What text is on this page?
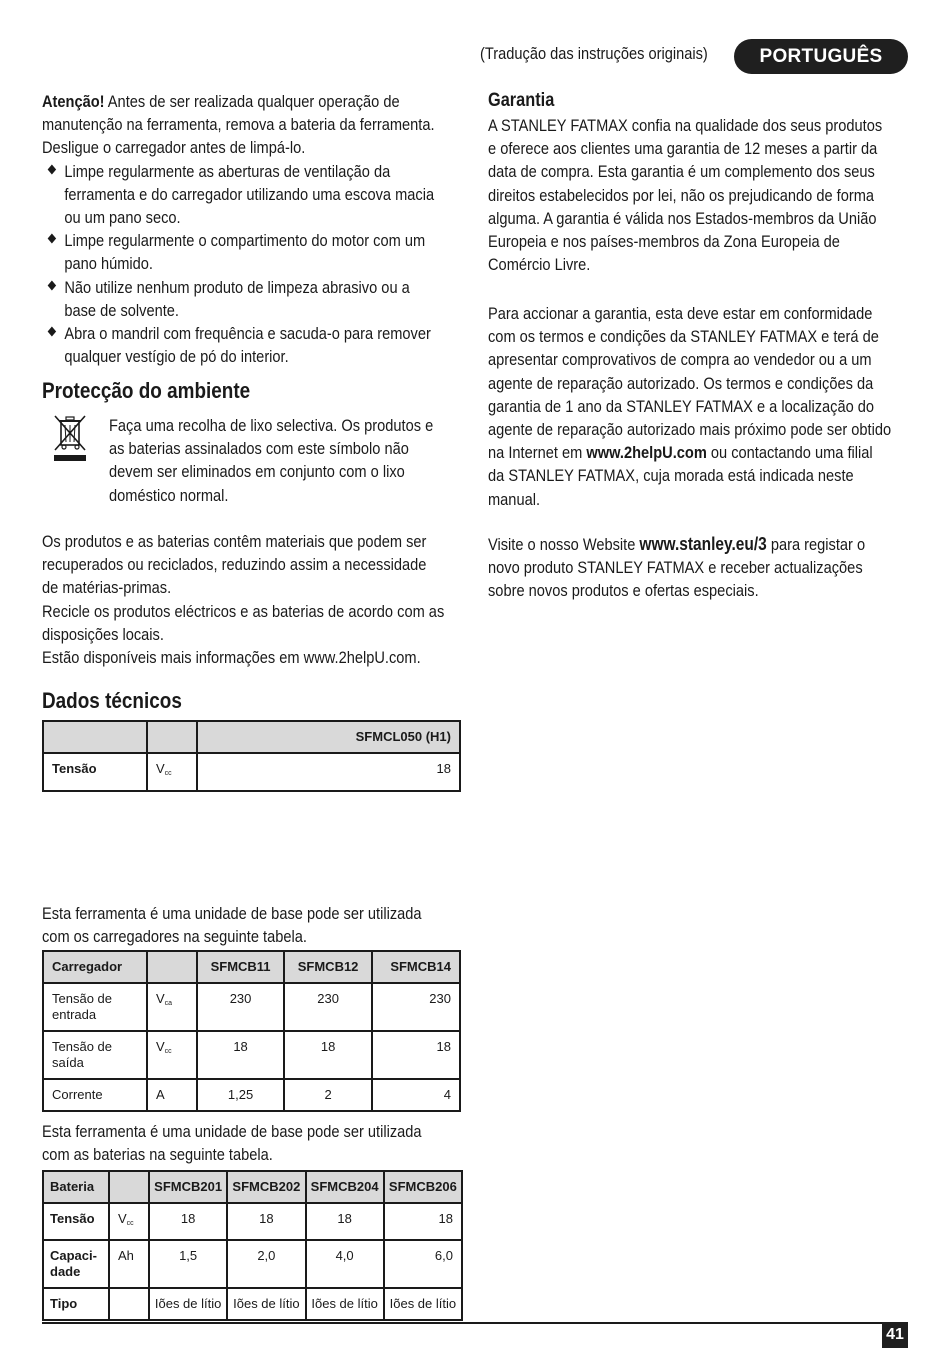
(Tradução das instruções originais)	PORTUGUÊS

Atenção! Antes de ser realizada qualquer operação de

manutenção na ferramenta, remova a bateria da ferramenta.

Desligue o carregador antes de limpá-lo.

Limpe regularmente as aberturas de ventilação da

ferramenta e do carregador utilizando uma escova macia

ou um pano seco.

Limpe regularmente o compartimento do motor com um

pano húmido.

Não utilize nenhum produto de limpeza abrasivo ou a

base de solvente.

Abra o mandril com frequência e sacuda-o para remover

qualquer vestígio de pó do interior.

Protecção do ambiente

Faça uma recolha de lixo selectiva. Os produtos e

as baterias assinalados com este símbolo não

devem ser eliminados em conjunto com o lixo

doméstico normal.

Os produtos e as baterias contêm materiais que podem ser

recuperados ou reciclados, reduzindo assim a necessidade

de matérias-primas.

Recicle os produtos eléctricos e as baterias de acordo com as

disposições locais.

Estão disponíveis mais informações em www.2helpU.com.

Dados técnicos
		SFMCL050 (H1)
Tensão	$V_{cc}$	18

Esta ferramenta é uma unidade de base pode ser utilizada

com os carregadores na seguinte tabela.

Carregador		SFMCB11	SFMCB12	SFMCB14
Tensão de entrada	$V_{ca}$	230	230	230
Tensão de saída	$V_{cc}$	18	18	18
Corrente	A	1,25	2	4

Esta ferramenta é uma unidade de base pode ser utilizada

com as baterias na seguinte tabela.

Bateria		SFMCB201	SFMCB202	SFMCB204	SFMCB206
Tensão	$V_{cc}$	18	18	18	18
Capaci-dade	Ah	1,5	2,0	4,0	6,0
Tipo		Iões de lítio	Iões de lítio	Iões de lítio	Iões de lítio
Garantia

A STANLEY FATMAX confia na qualidade dos seus produtos

e oferece aos clientes uma garantia de 12 meses a partir da

data de compra. Esta garantia é um complemento dos seus

direitos estabelecidos por lei, não os prejudicando de forma

alguma. A garantia é válida nos Estados-membros da União

Europeia e nos países-membros da Zona Europeia de

Comércio Livre.

Para accionar a garantia, esta deve estar em conformidade

com os termos e condições da STANLEY FATMAX e terá de

apresentar comprovativos de compra ao vendedor ou a um

agente de reparação autorizado. Os termos e condições da

garantia de 1 ano da STANLEY FATMAX e a localização do

agente de reparação autorizado mais próximo pode ser obtido

na Internet em www.2helpU.com ou contactando uma filial

da STANLEY FATMAX, cuja morada está indicada neste

manual.

Visite o nosso Website www.stanley.eu/3 para registar o

novo produto STANLEY FATMAX e receber actualizações

sobre novos produtos e ofertas especiais.

41
